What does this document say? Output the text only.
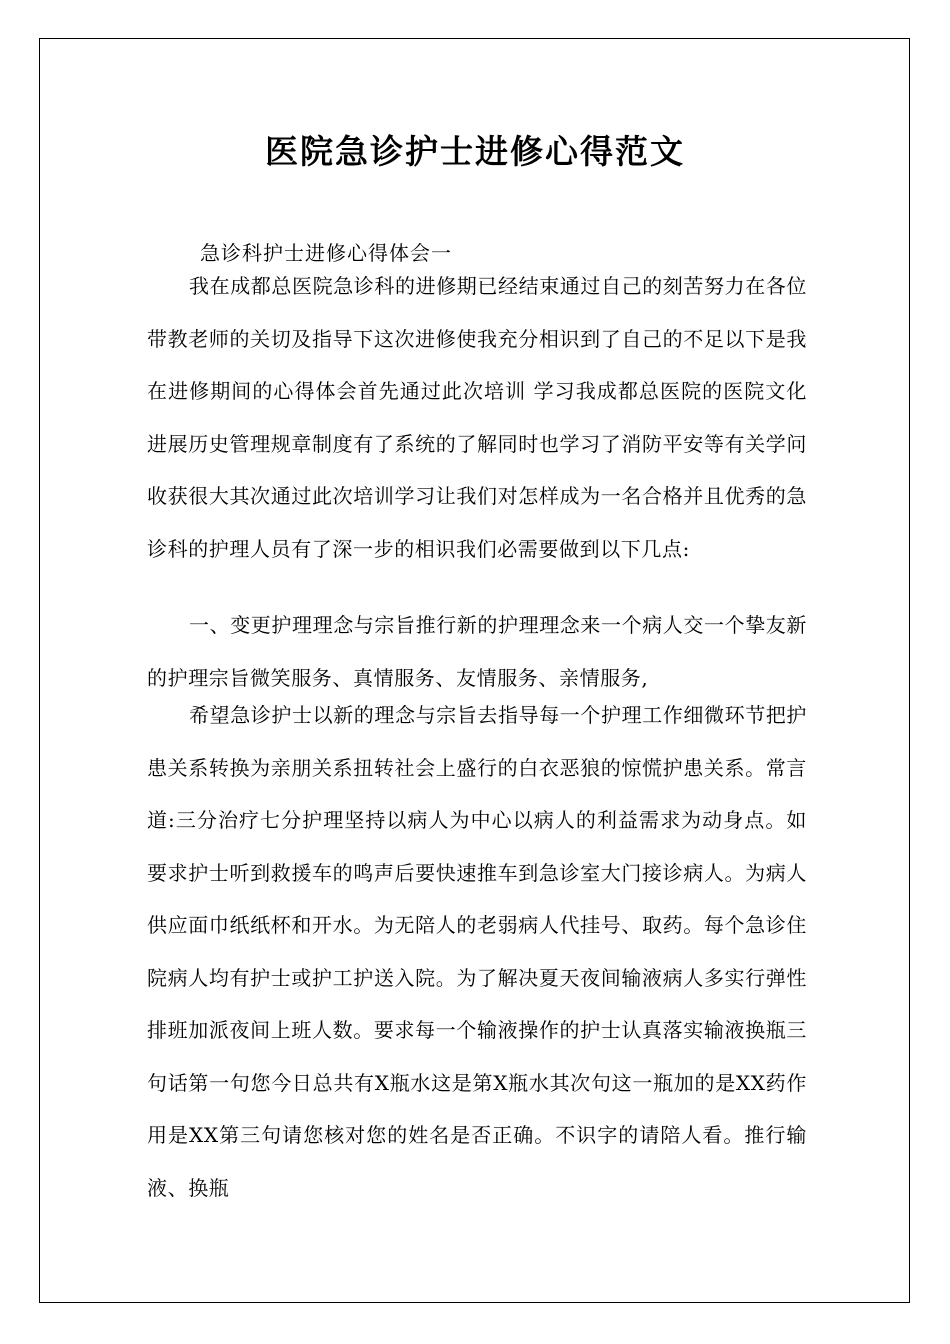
医院急诊护士进修心得范文

急诊科护士进修心得体会一

我在成都总医院急诊科的进修期已经结束通过自己的刻苦努力在各位带教老师的关切及指导下这次进修使我充分相识到了自己的不足以下是我在进修期间的心得体会首先通过此次培训 学习我成都总医院的医院文化进展历史管理规章制度有了系统的了解同时也学习了消防平安等有关学问收获很大其次通过此次培训学习让我们对怎样成为一名合格并且优秀的急诊科的护理人员有了深一步的相识我们必需要做到以下几点:

一、变更护理理念与宗旨推行新的护理理念来一个病人交一个挚友新的护理宗旨微笑服务、真情服务、友情服务、亲情服务,

希望急诊护士以新的理念与宗旨去指导每一个护理工作细微环节把护患关系转换为亲朋关系扭转社会上盛行的白衣恶狼的惊慌护患关系。常言道:三分治疗七分护理坚持以病人为中心以病人的利益需求为动身点。如要求护士听到救援车的鸣声后要快速推车到急诊室大门接诊病人。为病人供应面巾纸纸杯和开水。为无陪人的老弱病人代挂号、取药。每个急诊住院病人均有护士或护工护送入院。为了解决夏天夜间输液病人多实行弹性排班加派夜间上班人数。要求每一个输液操作的护士认真落实输液换瓶三句话第一句您今日总共有X瓶水这是第X瓶水其次句这一瓶加的是XX药作用是XX第三句请您核对您的姓名是否正确。不识字的请陪人看。推行输液、换瓶
